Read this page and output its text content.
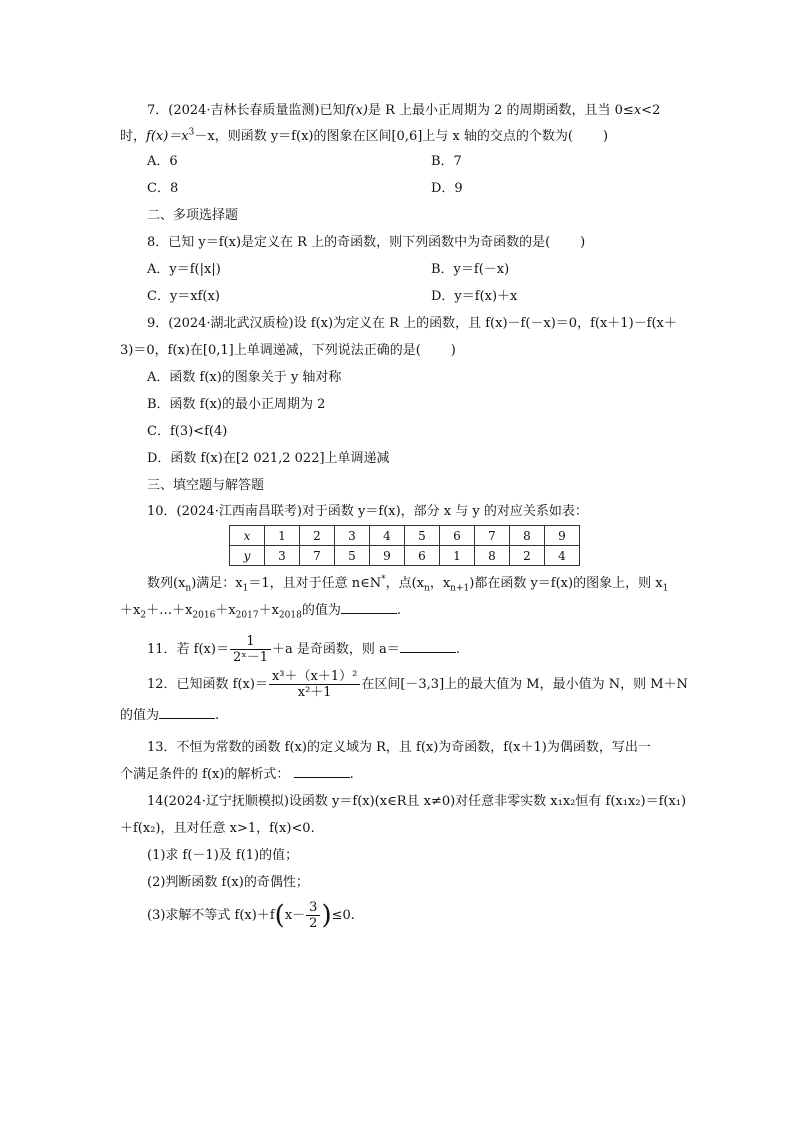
7．(2024·吉林长春质量监测)已知f(x)是 R 上最小正周期为 2 的周期函数，且当 0≤x<2
时，$f(x)=x^3-x$，则函数 y＝f(x)的图象在区间[0,6]上与 x 轴的交点的个数为( )
A．6	B．7
C．8	D．9
二、多项选择题
8．已知 y＝f(x)是定义在 R 上的奇函数，则下列函数中为奇函数的是( )
A．y＝f(|x|)	B．y＝f(－x)
C．y＝xf(x)	D．y＝f(x)＋x
9．(2024·湖北武汉质检)设 f(x)为定义在 R 上的函数，且 f(x)－f(－x)＝0，f(x＋1)－f(x＋
3)＝0，f(x)在[0,1]上单调递减，下列说法正确的是( )
A．函数 f(x)的图象关于 y 轴对称
B．函数 f(x)的最小正周期为 2
C．f(3)<f(4)
D．函数 f(x)在[2 021,2 022]上单调递减
三、填空题与解答题
10．(2024·江西南昌联考)对于函数 y＝f(x)，部分 x 与 y 的对应关系如表：
x	1	2	3	4	5	6	7	8	9
y	3	7	5	9	6	1	8	2	4
数列$(x_n)$满足：$x_1=1$，且对于任意 n∈N*，点($x_n$，$x_{n+1}$)都在函数 y＝f(x)的图象上，则 $x_1$
$+x_2+\dots+x_{2016}+x_{2017}+x_{2018}$的值为	.
11．若 $f(x)= \frac{1}{\text{2ˣ－1}} +a$ 是奇函数，则 a＝	.
12．已知函数 $f(x)= \frac{\text{x³＋（x＋1）²}}{\text{x²＋1}}$ 在区间[－3,3]上的最大值为 M，最小值为 N，则 M＋N
的值为	.
13．不恒为常数的函数 f(x)的定义域为 R，且 f(x)为奇函数，f(x＋1)为偶函数，写出一
个满足条件的 f(x)的解析式：	.
14(2024·辽宁抚顺模拟)设函数 y＝f(x)(x∈R且 x≠0)对任意非零实数 x₁x₂恒有 f(x₁x₂)＝f(x₁)
＋f(x₂)，且对任意 x>1，f(x)<0.
(1)求 f(－1)及 f(1)的值；
(2)判断函数 f(x)的奇偶性；
(3)求解不等式 $f(x)+f(x- \frac{3}{2} )\le 0$.
